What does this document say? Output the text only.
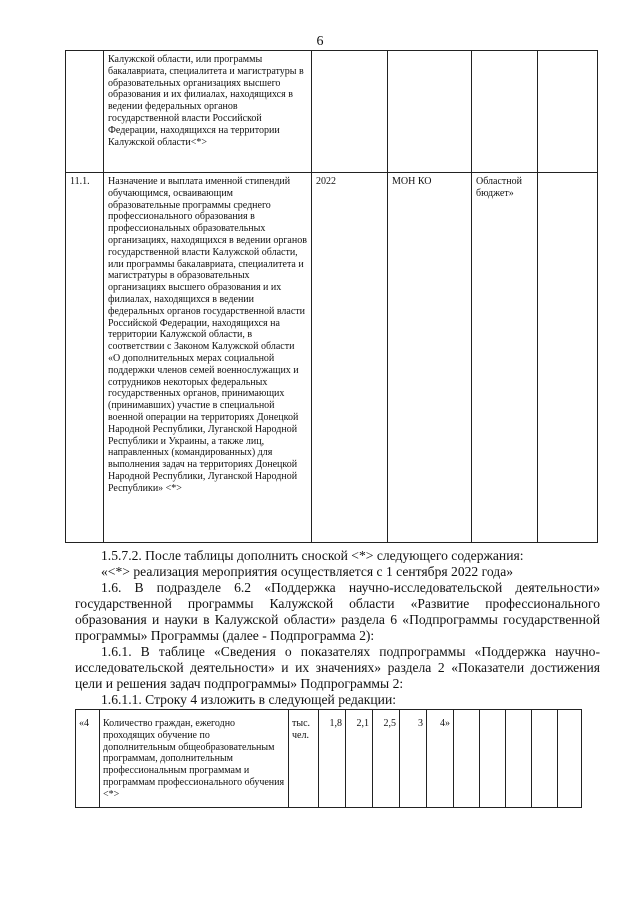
6
	Калужской области, или программы бакалавриата, специалитета и магистратуры в образовательных организациях высшего образования и их филиалах, находящихся в ведении федеральных органов государственной власти Российской Федерации, находящихся на территории Калужской области<*>				
11.1.	Назначение и выплата именной стипендий обучающимся, осваивающим образовательные программы среднего профессионального образования в профессиональных образовательных организациях, находящихся в ведении органов государственной власти Калужской области, или программы бакалавриата, специалитета и магистратуры в образовательных организациях высшего образования и их филиалах, находящихся в ведении федеральных органов государственной власти Российской Федерации, находящихся на территории Калужской области, в соответствии с Законом Калужской области «О дополнительных мерах социальной поддержки членов семей военнослужащих и сотрудников некоторых федеральных государственных органов, принимающих (принимавших) участие в специальной военной операции на территориях Донецкой Народной Республики, Луганской Народной Республики и Украины, а также лиц, направленных (командированных) для выполнения задач на территориях Донецкой Народной Республики, Луганской Народной Республики» <*>	2022	МОН КО	Областной бюджет»	

1.5.7.2. После таблицы дополнить сноской <*> следующего содержания:

«<*> реализация мероприятия осуществляется с 1 сентября 2022 года»

1.6. В подразделе 6.2 «Поддержка научно-исследовательской деятельности» государственной программы Калужской области «Развитие профессионального образования и науки в Калужской области» раздела 6 «Подпрограммы государственной программы» Программы (далее - Подпрограмма 2):

1.6.1. В таблице «Сведения о показателях подпрограммы «Поддержка научно-исследовательской деятельности» и их значениях» раздела 2 «Показатели достижения цели и решения задач подпрограммы» Подпрограммы 2:

1.6.1.1. Строку 4 изложить в следующей редакции:

«4	Количество граждан, ежегодно проходящих обучение по дополнительным общеобразовательным программам, дополнительным профессиональным программам и программам профессионального обучения <*>	тыс. чел.	1,8	2,1	2,5	3	4»					
